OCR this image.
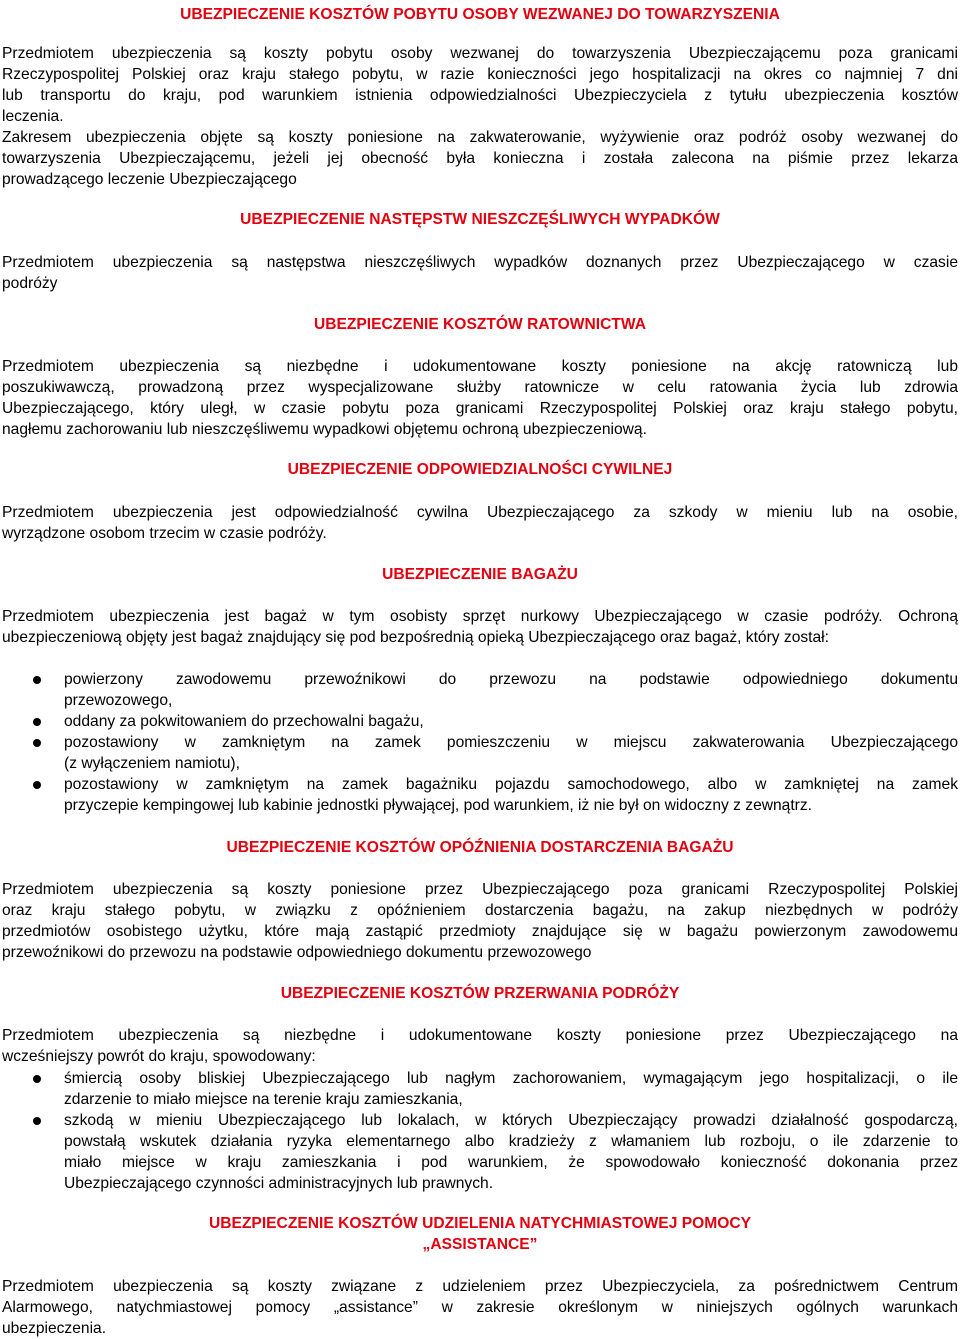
UBEZPIECZENIE KOSZTÓW POBYTU OSOBY WEZWANEJ DO TOWARZYSZENIA

Przedmiotem ubezpieczenia są koszty pobytu osoby wezwanej do towarzyszenia Ubezpieczającemu poza granicami
Rzeczypospolitej Polskiej oraz kraju stałego pobytu, w razie konieczności jego hospitalizacji na okres co najmniej 7 dni
lub transportu do kraju, pod warunkiem istnienia odpowiedzialności Ubezpieczyciela z tytułu ubezpieczenia kosztów
leczenia.

Zakresem ubezpieczenia objęte są koszty poniesione na zakwaterowanie, wyżywienie oraz podróż osoby wezwanej do
towarzyszenia Ubezpieczającemu, jeżeli jej obecność była konieczna i została zalecona na piśmie przez lekarza
prowadzącego leczenie Ubezpieczającego

UBEZPIECZENIE NASTĘPSTW NIESZCZĘŚLIWYCH WYPADKÓW

Przedmiotem ubezpieczenia są następstwa nieszczęśliwych wypadków doznanych przez Ubezpieczającego w czasie
podróży

UBEZPIECZENIE KOSZTÓW RATOWNICTWA

Przedmiotem ubezpieczenia są niezbędne i udokumentowane koszty poniesione na akcję ratowniczą lub
poszukiwawczą, prowadzoną przez wyspecjalizowane służby ratownicze w celu ratowania życia lub zdrowia
Ubezpieczającego, który uległ, w czasie pobytu poza granicami Rzeczypospolitej Polskiej oraz kraju stałego pobytu,
nagłemu zachorowaniu lub nieszczęśliwemu wypadkowi objętemu ochroną ubezpieczeniową.

UBEZPIECZENIE ODPOWIEDZIALNOŚCI CYWILNEJ

Przedmiotem ubezpieczenia jest odpowiedzialność cywilna Ubezpieczającego za szkody w mieniu lub na osobie,
wyrządzone osobom trzecim w czasie podróży.

UBEZPIECZENIE BAGAŻU

Przedmiotem ubezpieczenia jest bagaż w tym osobisty sprzęt nurkowy Ubezpieczającego w czasie podróży. Ochroną
ubezpieczeniową objęty jest bagaż znajdujący się pod bezpośrednią opieką Ubezpieczającego oraz bagaż, który został:

powierzony zawodowemu przewoźnikowi do przewozu na podstawie odpowiedniego dokumentu
przewozowego,
oddany za pokwitowaniem do przechowalni bagażu,
pozostawiony w zamkniętym na zamek pomieszczeniu w miejscu zakwaterowania Ubezpieczającego
(z wyłączeniem namiotu),
pozostawiony w zamkniętym na zamek bagażniku pojazdu samochodowego, albo w zamkniętej na zamek
przyczepie kempingowej lub kabinie jednostki pływającej, pod warunkiem, iż nie był on widoczny z zewnątrz.
UBEZPIECZENIE KOSZTÓW OPÓŹNIENIA DOSTARCZENIA BAGAŻU

Przedmiotem ubezpieczenia są koszty poniesione przez Ubezpieczającego poza granicami Rzeczypospolitej Polskiej
oraz kraju stałego pobytu, w związku z opóźnieniem dostarczenia bagażu, na zakup niezbędnych w podróży
przedmiotów osobistego użytku, które mają zastąpić przedmioty znajdujące się w bagażu powierzonym zawodowemu
przewoźnikowi do przewozu na podstawie odpowiedniego dokumentu przewozowego

UBEZPIECZENIE KOSZTÓW PRZERWANIA PODRÓŻY

Przedmiotem ubezpieczenia są niezbędne i udokumentowane koszty poniesione przez Ubezpieczającego na
wcześniejszy powrót do kraju, spowodowany:

śmiercią osoby bliskiej Ubezpieczającego lub nagłym zachorowaniem, wymagającym jego hospitalizacji, o ile
zdarzenie to miało miejsce na terenie kraju zamieszkania,
szkodą w mieniu Ubezpieczającego lub lokalach, w których Ubezpieczający prowadzi działalność gospodarczą,
powstałą wskutek działania ryzyka elementarnego albo kradzieży z włamaniem lub rozboju, o ile zdarzenie to
miało miejsce w kraju zamieszkania i pod warunkiem, że spowodowało konieczność dokonania przez
Ubezpieczającego czynności administracyjnych lub prawnych.
UBEZPIECZENIE KOSZTÓW UDZIELENIA NATYCHMIASTOWEJ POMOCY
„ASSISTANCE”

Przedmiotem ubezpieczenia są koszty związane z udzieleniem przez Ubezpieczyciela, za pośrednictwem Centrum
Alarmowego, natychmiastowej pomocy „assistance” w zakresie określonym w niniejszych ogólnych warunkach
ubezpieczenia.
